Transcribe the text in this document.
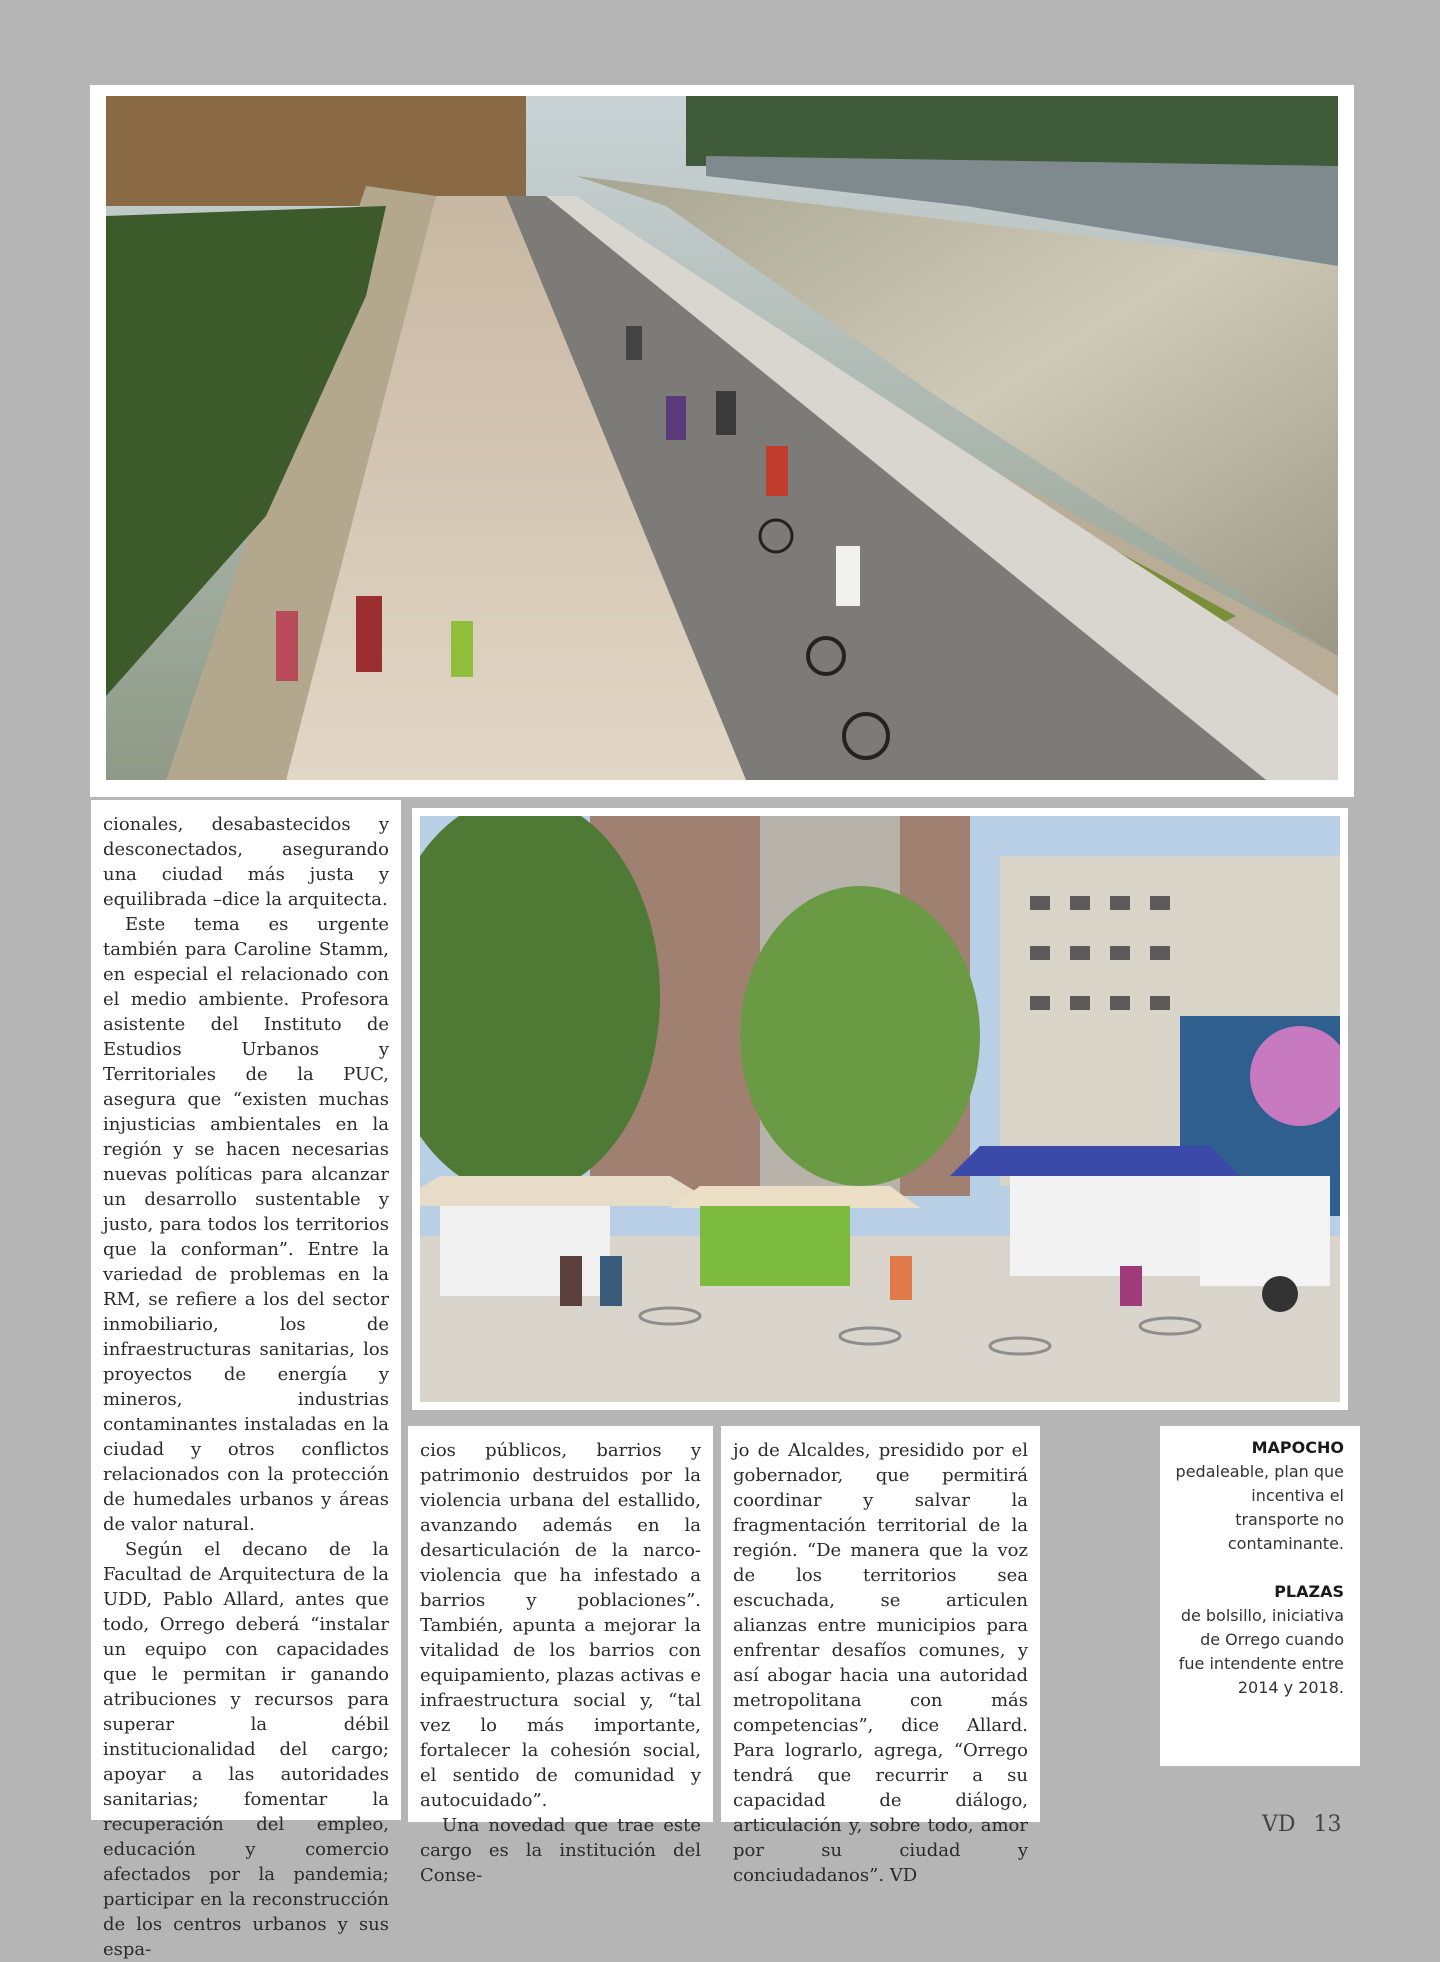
cionales, desabastecidos y desconectados, asegurando una ciudad más justa y equilibrada –dice la arquitecta.

Este tema es urgente también para Caroline Stamm, en especial el relacionado con el medio ambiente. Profesora asistente del Instituto de Estudios Urbanos y Territoriales de la PUC, asegura que “existen muchas injusticias ambientales en la región y se hacen necesarias nuevas políticas para alcanzar un desarrollo sustentable y justo, para todos los territorios que la conforman”. Entre la variedad de problemas en la RM, se refiere a los del sector inmobiliario, los de infraestructuras sanitarias, los proyectos de energía y mineros, industrias contaminantes instaladas en la ciudad y otros conflictos relacionados con la protección de humedales urbanos y áreas de valor natural.

Según el decano de la Facultad de Arquitectura de la UDD, Pablo Allard, antes que todo, Orrego deberá “instalar un equipo con capacidades que le permitan ir ganando atribuciones y recursos para superar la débil institucionalidad del cargo; apoyar a las autoridades sanitarias; fomentar la recuperación del empleo, educación y comercio afectados por la pandemia; participar en la reconstrucción de los centros urbanos y sus espa-

cios públicos, barrios y patrimonio destruidos por la violencia urbana del estallido, avanzando además en la desarticulación de la narco-violencia que ha infestado a barrios y poblaciones”. También, apunta a mejorar la vitalidad de los barrios con equipamiento, plazas activas e infraestructura social y, “tal vez lo más importante, fortalecer la cohesión social, el sentido de comunidad y autocuidado”.

Una novedad que trae este cargo es la institución del Conse-

jo de Alcaldes, presidido por el gobernador, que permitirá coordinar y salvar la fragmentación territorial de la región. “De manera que la voz de los territorios sea escuchada, se articulen alianzas entre municipios para enfrentar desafíos comunes, y así abogar hacia una autoridad metropolitana con más competencias”, dice Allard. Para lograrlo, agrega, “Orrego tendrá que recurrir a su capacidad de diálogo, articulación y, sobre todo, amor por su ciudad y conciudadanos”. VD

MAPOCHO
pedaleable, plan que incentiva el transporte no contaminante.
PLAZAS
de bolsillo, iniciativa de Orrego cuando fue intendente entre 2014 y 2018.
VD 13
